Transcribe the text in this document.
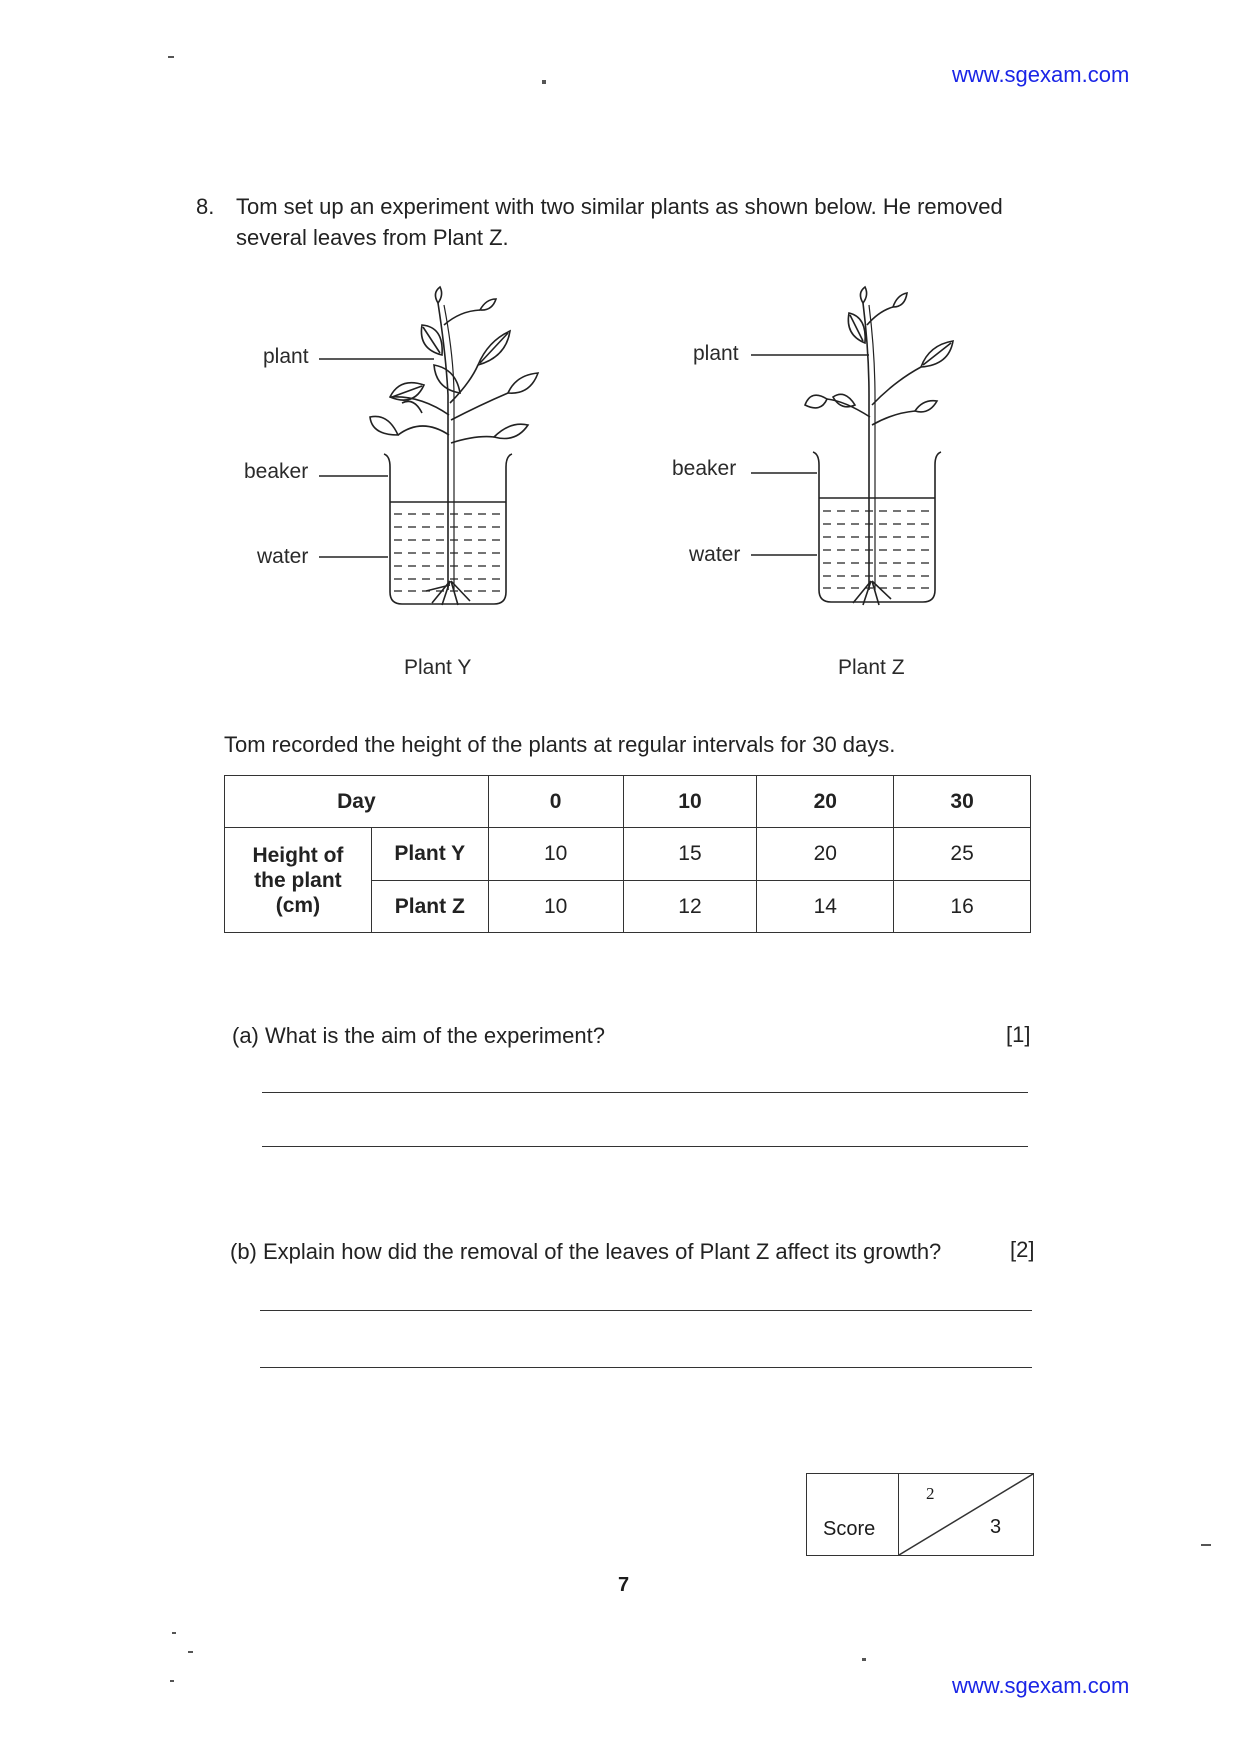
www.sgexam.com
www.sgexam.com
8. Tom set up an experiment with two similar plants as shown below. He removed
several leaves from Plant Z.
plant
beaker
water
Plant Y
plant
beaker
water
Plant Z
Tom recorded the height of the plants at regular intervals for 30 days.
Day		0	10	20	30

Height of
the plant
(cm)	Plant Y	10	15	20	25
	Plant Z	10	12	14	16
(a) What is the aim of the experiment?	[1]
(b) Explain how did the removal of the leaves of Plant Z affect its growth?	[2]
Score
2
3
7
